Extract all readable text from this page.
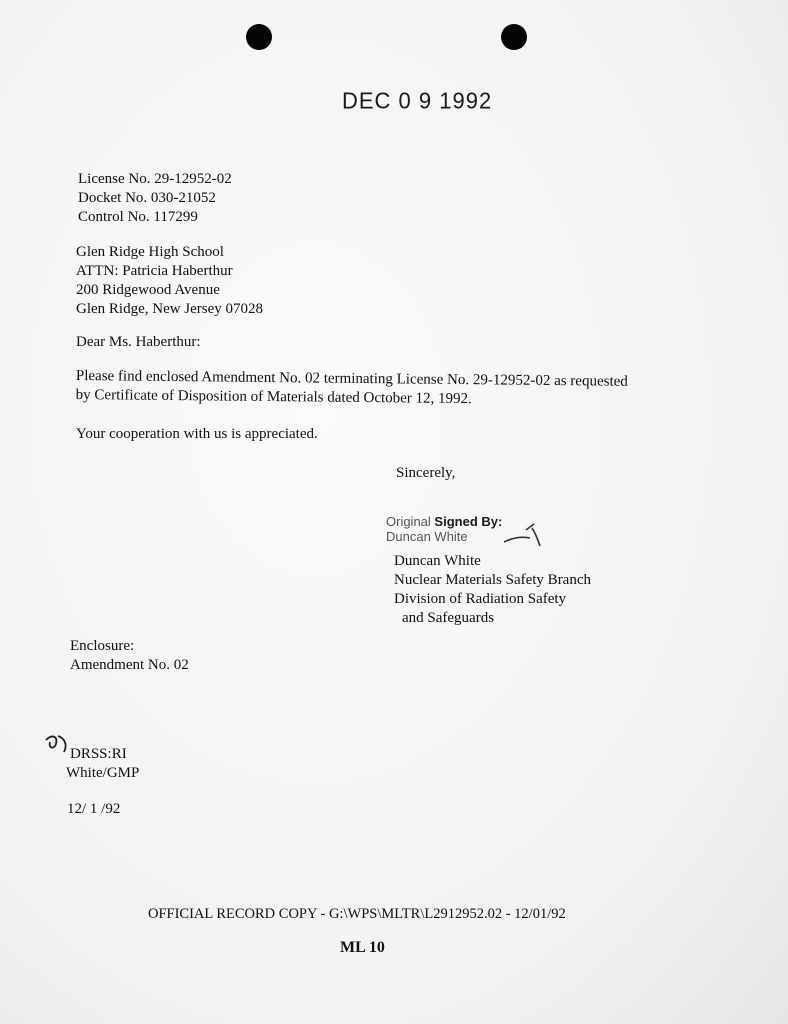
DEC 0 9 1992
License No. 29-12952-02
Docket No. 030-21052
Control No. 117299
Glen Ridge High School
ATTN: Patricia Haberthur
200 Ridgewood Avenue
Glen Ridge, New Jersey 07028
Dear Ms. Haberthur:
Please find enclosed Amendment No. 02 terminating License No. 29-12952-02 as requested
by Certificate of Disposition of Materials dated October 12, 1992.
Your cooperation with us is appreciated.
Sincerely,
Original Signed By:
Duncan White
Duncan White
Nuclear Materials Safety Branch
Division of Radiation Safety
and Safeguards
Enclosure:
Amendment No. 02
DRSS:RI
White/GMP
12/ 1 /92
OFFICIAL RECORD COPY - G:\WPS\MLTR\L2912952.02 - 12/01/92
ML 10
